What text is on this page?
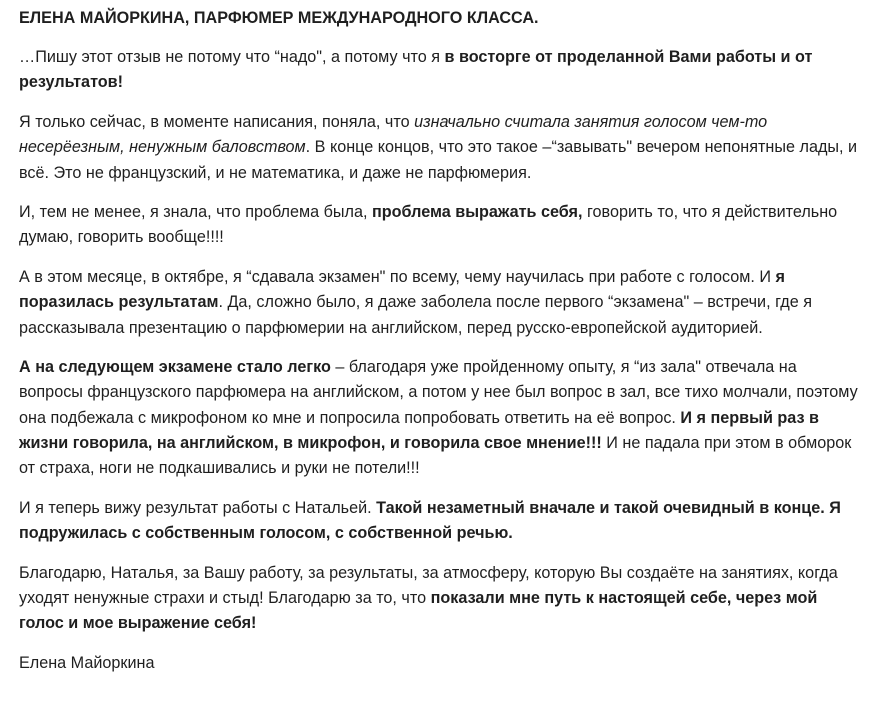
ЕЛЕНА МАЙОРКИНА, ПАРФЮМЕР МЕЖДУНАРОДНОГО КЛАССА.

…Пишу этот отзыв не потому что “надо", а потому что я в восторге от проделанной Вами работы и от результатов!

Я только сейчас, в моменте написания, поняла, что изначально считала занятия голосом чем-то несерёезным, ненужным баловством. В конце концов, что это такое –“завывать" вечером непонятные лады, и всё. Это не французский, и не математика, и даже не парфюмерия.

И, тем не менее, я знала, что проблема была, проблема выражать себя, говорить то, что я действительно думаю, говорить вообще!!!!

А в этом месяце, в октябре, я “сдавала экзамен" по всему, чему научилась при работе с голосом. И я поразилась результатам. Да, сложно было, я даже заболела после первого “экзамена" – встречи, где я рассказывала презентацию о парфюмерии на английском, перед русско-европейской аудиторией.

А на следующем экзамене стало легко – благодаря уже пройденному опыту, я “из зала" отвечала на вопросы французского парфюмера на английском, а потом у нее был вопрос в зал, все тихо молчали, поэтому она подбежала с микрофоном ко мне и попросила попробовать ответить на её вопрос. И я первый раз в жизни говорила, на английском, в микрофон, и говорила свое мнение!!! И не падала при этом в обморок от страха, ноги не подкашивались и руки не потели!!!

И я теперь вижу результат работы с Натальей. Такой незаметный вначале и такой очевидный в конце. Я подружилась с собственным голосом, с собственной речью.

Благодарю, Наталья, за Вашу работу, за результаты, за атмосферу, которую Вы создаёте на занятиях, когда уходят ненужные страхи и стыд! Благодарю за то, что показали мне путь к настоящей себе, через мой голос и мое выражение себя!

Елена Майоркина
